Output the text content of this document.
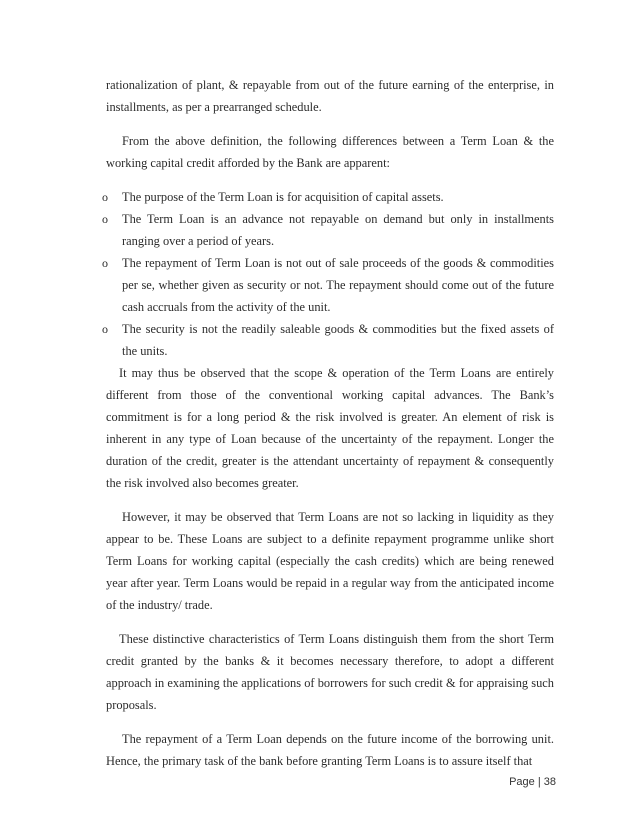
rationalization of plant, & repayable from out of the future earning of the enterprise, in installments, as per a prearranged schedule.

From the above definition, the following differences between a Term Loan & the working capital credit afforded by the Bank are apparent:

o The purpose of the Term Loan is for acquisition of capital assets.
o The Term Loan is an advance not repayable on demand but only in installments ranging over a period of years.
o The repayment of Term Loan is not out of sale proceeds of the goods & commodities per se, whether given as security or not. The repayment should come out of the future cash accruals from the activity of the unit.
o The security is not the readily saleable goods & commodities but the fixed assets of the units.

It may thus be observed that the scope & operation of the Term Loans are entirely different from those of the conventional working capital advances. The Bank’s commitment is for a long period & the risk involved is greater. An element of risk is inherent in any type of Loan because of the uncertainty of the repayment. Longer the duration of the credit, greater is the attendant uncertainty of repayment & consequently the risk involved also becomes greater.

However, it may be observed that Term Loans are not so lacking in liquidity as they appear to be. These Loans are subject to a definite repayment programme unlike short Term Loans for working capital (especially the cash credits) which are being renewed year after year. Term Loans would be repaid in a regular way from the anticipated income of the industry/ trade.

These distinctive characteristics of Term Loans distinguish them from the short Term credit granted by the banks & it becomes necessary therefore, to adopt a different approach in examining the applications of borrowers for such credit & for appraising such proposals.

The repayment of a Term Loan depends on the future income of the borrowing unit. Hence, the primary task of the bank before granting Term Loans is to assure itself that

Page | 38
